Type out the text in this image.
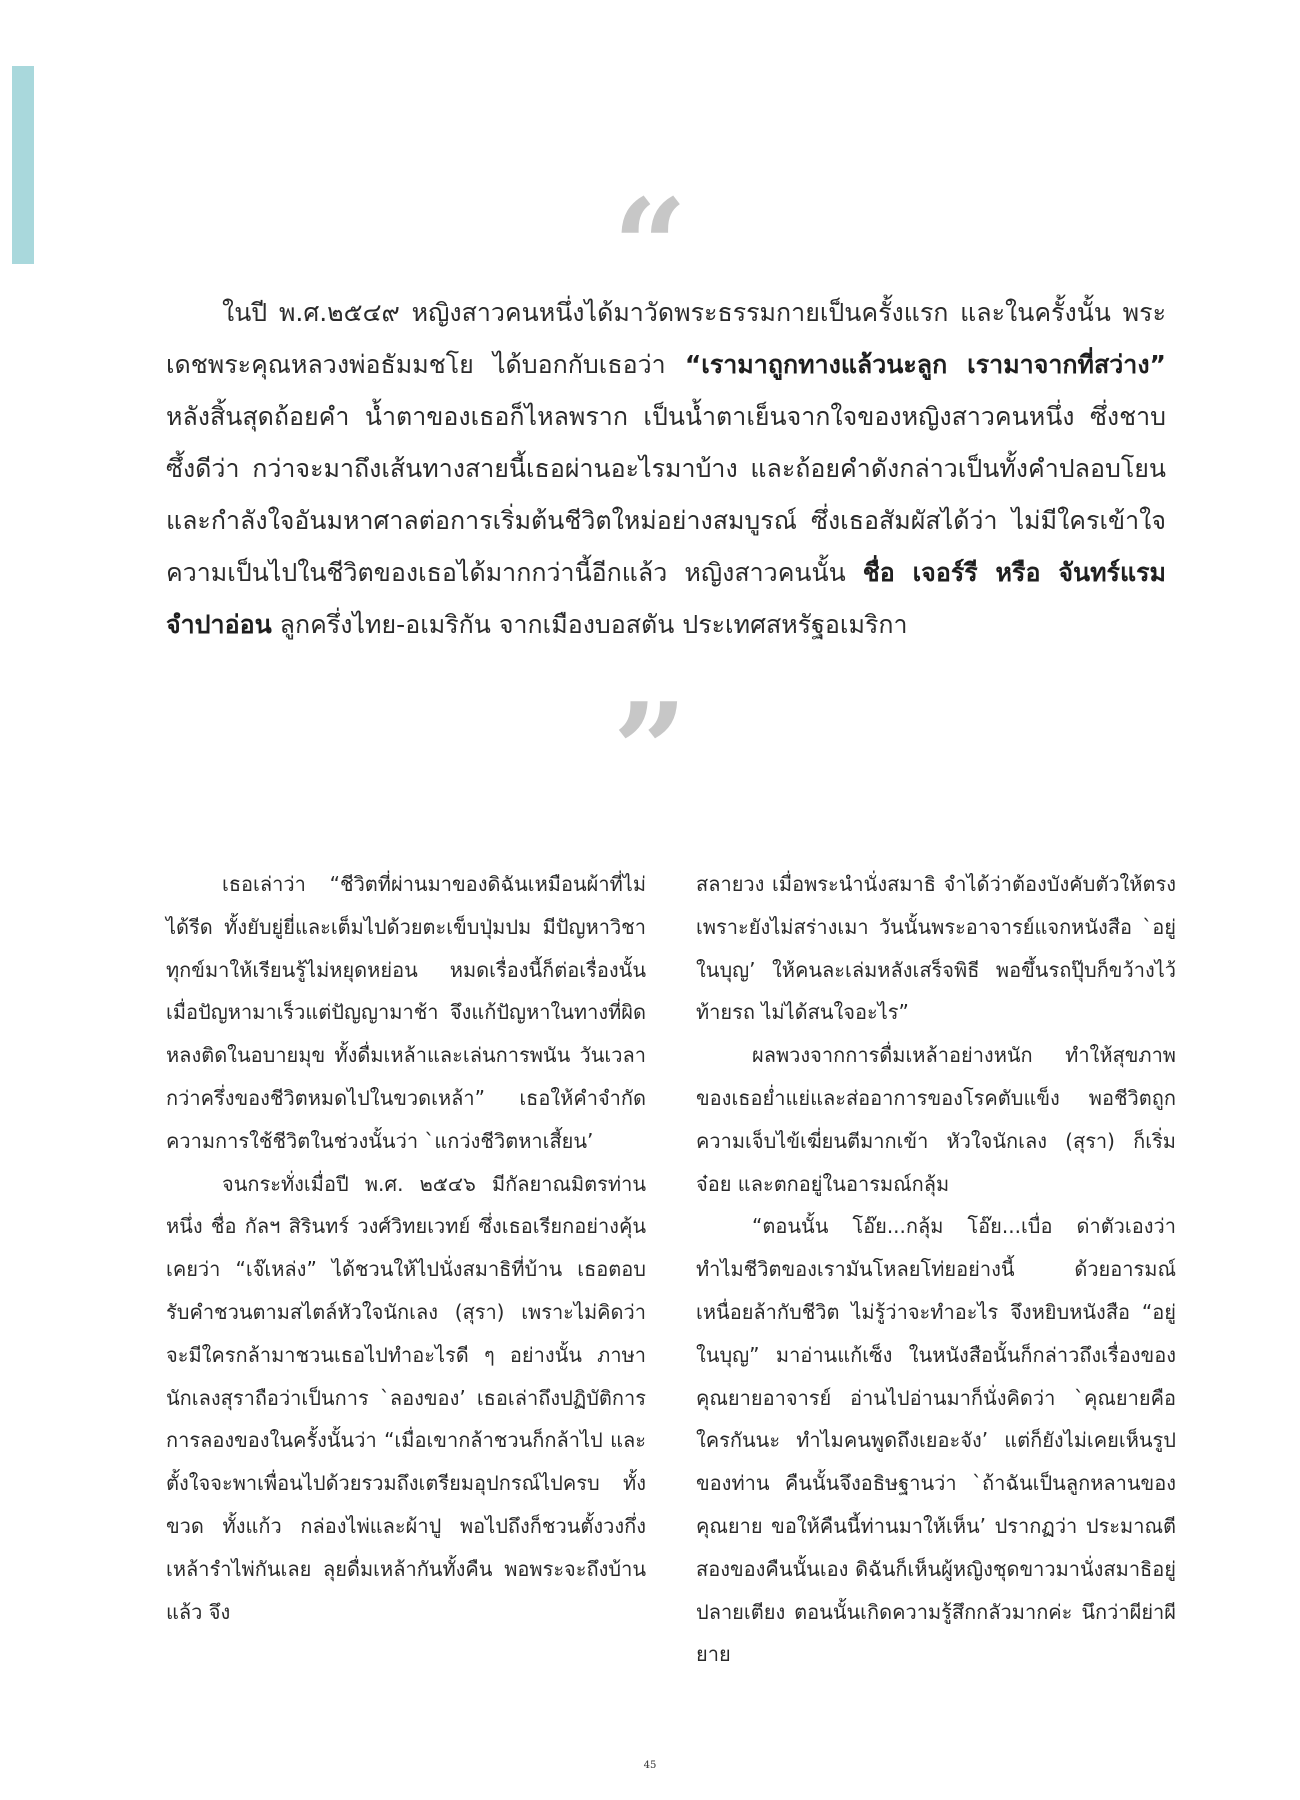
“
ในปี พ.ศ.๒๕๔๙ หญิงสาวคนหนึ่งได้มาวัดพระธรรมกายเป็นครั้งแรก และในครั้งนั้น พระเดชพระคุณหลวงพ่อธัมมชโย ได้บอกกับเธอว่า “เรามาถูกทางแล้วนะลูก เรามาจากที่สว่าง” หลังสิ้นสุดถ้อยคำ น้ำตาของเธอก็ไหลพราก เป็นน้ำตาเย็นจากใจของหญิงสาวคนหนึ่ง ซึ่งชาบซึ้งดีว่า กว่าจะมาถึงเส้นทางสายนี้เธอผ่านอะไรมาบ้าง และถ้อยคำดังกล่าวเป็นทั้งคำปลอบโยนและกำลังใจอันมหาศาลต่อการเริ่มต้นชีวิตใหม่อย่างสมบูรณ์ ซึ่งเธอสัมผัสได้ว่า ไม่มีใครเข้าใจความเป็นไปในชีวิตของเธอได้มากกว่านี้อีกแล้ว หญิงสาวคนนั้น ชื่อ เจอร์รี หรือ จันทร์แรม จำปาอ่อน ลูกครึ่งไทย-อเมริกัน จากเมืองบอสตัน ประเทศสหรัฐอเมริกา
”

เธอเล่าว่า “ชีวิตที่ผ่านมาของดิฉันเหมือนผ้าที่ไม่ได้รีด ทั้งยับยู่ยี่และเต็มไปด้วยตะเข็บปุ่มปม มีปัญหาวิชาทุกข์มาให้เรียนรู้ไม่หยุดหย่อน หมดเรื่องนี้ก็ต่อเรื่องนั้น เมื่อปัญหามาเร็วแต่ปัญญามาช้า จึงแก้ปัญหาในทางที่ผิด หลงติดในอบายมุข ทั้งดื่มเหล้าและเล่นการพนัน วันเวลากว่าครึ่งของชีวิตหมดไปในขวดเหล้า” เธอให้คำจำกัดความการใช้ชีวิตในช่วงนั้นว่า `แกว่งชีวิตหาเสี้ยน’

จนกระทั่งเมื่อปี พ.ศ. ๒๕๔๖ มีกัลยาณมิตรท่านหนึ่ง ชื่อ กัลฯ สิรินทร์ วงศ์วิทยเวทย์ ซึ่งเธอเรียกอย่างคุ้นเคยว่า “เจ๊เหล่ง” ได้ชวนให้ไปนั่งสมาธิที่บ้าน เธอตอบรับคำชวนตามสไตล์หัวใจนักเลง (สุรา) เพราะไม่คิดว่าจะมีใครกล้ามาชวนเธอไปทำอะไรดี ๆ อย่างนั้น ภาษานักเลงสุราถือว่าเป็นการ `ลองของ’ เธอเล่าถึงปฏิบัติการการลองของในครั้งนั้นว่า “เมื่อเขากล้าชวนก็กล้าไป และตั้งใจจะพาเพื่อนไปด้วยรวมถึงเตรียมอุปกรณ์ไปครบ ทั้งขวด ทั้งแก้ว กล่องไพ่และผ้าปู พอไปถึงก็ชวนตั้งวงกึ่งเหล้ารำไพ่กันเลย ลุยดื่มเหล้ากันทั้งคืน พอพระจะถึงบ้านแล้ว จึง

สลายวง เมื่อพระนำนั่งสมาธิ จำได้ว่าต้องบังคับตัวให้ตรง เพราะยังไม่สร่างเมา วันนั้นพระอาจารย์แจกหนังสือ `อยู่ในบุญ’ ให้คนละเล่มหลังเสร็จพิธี พอขึ้นรถปุ๊บก็ขว้างไว้ท้ายรถ ไม่ได้สนใจอะไร”

ผลพวงจากการดื่มเหล้าอย่างหนัก ทำให้สุขภาพของเธอย่ำแย่และส่ออาการของโรคตับแข็ง พอชีวิตถูกความเจ็บไข้เฆี่ยนตีมากเข้า หัวใจนักเลง (สุรา) ก็เริ่มจ๋อย และตกอยู่ในอารมณ์กลุ้ม

“ตอนนั้น โอ๊ย...กลุ้ม โอ๊ย...เบื่อ ด่าตัวเองว่า ทำไมชีวิตของเรามันโหลยโท่ยอย่างนี้ ด้วยอารมณ์เหนื่อยล้ากับชีวิต ไม่รู้ว่าจะทำอะไร จึงหยิบหนังสือ “อยู่ในบุญ” มาอ่านแก้เซ็ง ในหนังสือนั้นก็กล่าวถึงเรื่องของคุณยายอาจารย์ อ่านไปอ่านมาก็นั่งคิดว่า `คุณยายคือใครกันนะ ทำไมคนพูดถึงเยอะจัง’ แต่ก็ยังไม่เคยเห็นรูปของท่าน คืนนั้นจึงอธิษฐานว่า `ถ้าฉันเป็นลูกหลานของคุณยาย ขอให้คืนนี้ท่านมาให้เห็น’ ปรากฏว่า ประมาณตีสองของคืนนั้นเอง ดิฉันก็เห็นผู้หญิงชุดขาวมานั่งสมาธิอยู่ปลายเตียง ตอนนั้นเกิดความรู้สึกกลัวมากค่ะ นึกว่าผีย่าผียาย

45
